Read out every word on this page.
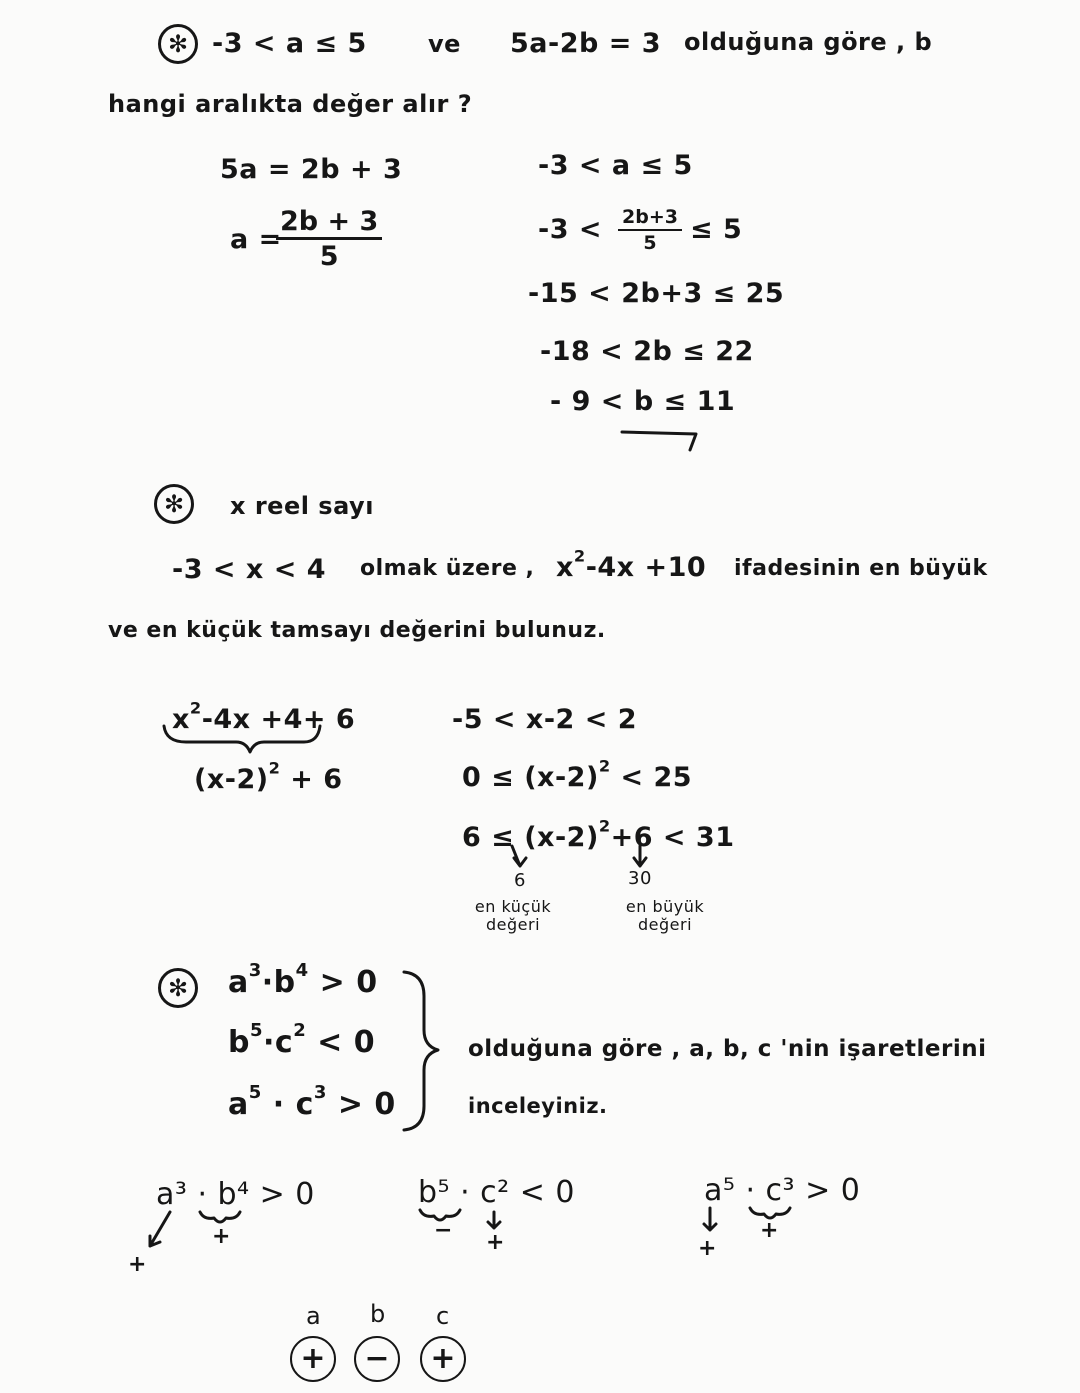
✻ -3 < a ≤ 5	ve 5a-2b = 3 olduğuna göre , b
hangi aralıkta değer alır ?
5a = 2b + 3
a =
$\frac{2b + 3}{5}$
-3 < a ≤ 5
$-3 < \frac{2b+3}{5} \le 5$
-15 < 2b+3 ≤ 25
-18 < 2b ≤ 22
- 9 < b ≤ 11
✻	x reel sayı
-3 < x < 4 olmak üzere , $x^2-4x +10$ ifadesinin en büyük
ve en küçük tamsayı değerini bulunuz.
$x^2-4x +4+ 6$
$(x-2)^2 + 6$
-5 < x-2 < 2
$0 \le (x-2)^2 < 25$
$6 \le (x-2)^2+6 < 31$
6	30
en küçük
değeri
en büyük
değeri
✻	$a^3\cdot b^4 > 0$
$b^5\cdot c^2 < 0$
$a^5 \cdot c^3 > 0$
olduğuna göre , a, b, c 'nin işaretlerini
inceleyiniz.
a³ · b⁴ > 0	b⁵ · c² < 0	a⁵ · c³ > 0
+
+	− +	+
+
a b c
+	−	+
